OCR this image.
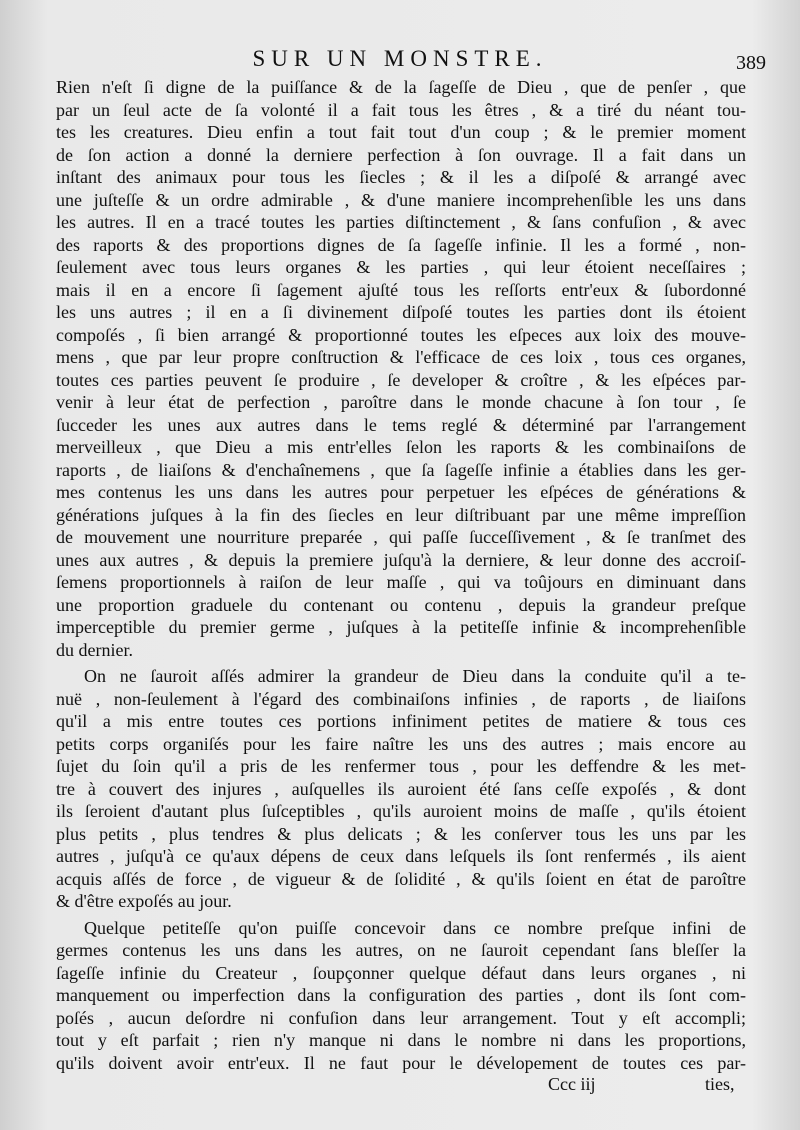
SUR UN MONSTRE.	389
Rien n'eſt ſi digne de la puiſſance & de la ſageſſe de Dieu , que de penſer , que
par un ſeul acte de ſa volonté il a fait tous les êtres , & a tiré du néant tou-
tes les creatures. Dieu enfin a tout fait tout d'un coup ; & le premier moment
de ſon action a donné la derniere perfection à ſon ouvrage. Il a fait dans un
inſtant des animaux pour tous les ſiecles ; & il les a diſpoſé & arrangé avec
une juſteſſe & un ordre admirable , & d'une maniere incomprehenſible les uns dans
les autres. Il en a tracé toutes les parties diſtinctement , & ſans confuſion , & avec
des raports & des proportions dignes de ſa ſageſſe infinie. Il les a formé , non-
ſeulement avec tous leurs organes & les parties , qui leur étoient neceſſaires ;
mais il en a encore ſi ſagement ajuſté tous les reſſorts entr'eux & ſubordonné
les uns autres ; il en a ſi divinement diſpoſé toutes les parties dont ils étoient
compoſés , ſi bien arrangé & proportionné toutes les eſpeces aux loix des mouve-
mens , que par leur propre conſtruction & l'efficace de ces loix , tous ces organes,
toutes ces parties peuvent ſe produire , ſe developer & croître , & les eſpéces par-
venir à leur état de perfection , paroître dans le monde chacune à ſon tour , ſe
ſucceder les unes aux autres dans le tems reglé & déterminé par l'arrangement
merveilleux , que Dieu a mis entr'elles ſelon les raports & les combinaiſons de
raports , de liaiſons & d'enchaînemens , que ſa ſageſſe infinie a établies dans les ger-
mes contenus les uns dans les autres pour perpetuer les eſpéces de générations &
générations juſques à la fin des ſiecles en leur diſtribuant par une même impreſſion
de mouvement une nourriture preparée , qui paſſe ſucceſſivement , & ſe tranſmet des
unes aux autres , & depuis la premiere juſqu'à la derniere, & leur donne des accroiſ-
ſemens proportionnels à raiſon de leur maſſe , qui va toûjours en diminuant dans
une proportion graduele du contenant ou contenu , depuis la grandeur preſque
imperceptible du premier germe , juſques à la petiteſſe infinie & incomprehenſible
du dernier.
On ne ſauroit aſſés admirer la grandeur de Dieu dans la conduite qu'il a te-
nuë , non-ſeulement à l'égard des combinaiſons infinies , de raports , de liaiſons
qu'il a mis entre toutes ces portions infiniment petites de matiere & tous ces
petits corps organiſés pour les faire naître les uns des autres ; mais encore au
ſujet du ſoin qu'il a pris de les renfermer tous , pour les deffendre & les met-
tre à couvert des injures , auſquelles ils auroient été ſans ceſſe expoſés , & dont
ils ſeroient d'autant plus ſuſceptibles , qu'ils auroient moins de maſſe , qu'ils étoient
plus petits , plus tendres & plus delicats ; & les conſerver tous les uns par les
autres , juſqu'à ce qu'aux dépens de ceux dans leſquels ils ſont renfermés , ils aient
acquis aſſés de force , de vigueur & de ſolidité , & qu'ils ſoient en état de paroître
& d'être expoſés au jour.
Quelque petiteſſe qu'on puiſſe concevoir dans ce nombre preſque infini de
germes contenus les uns dans les autres, on ne ſauroit cependant ſans bleſſer la
ſageſſe infinie du Createur , ſoupçonner quelque défaut dans leurs organes , ni
manquement ou imperfection dans la configuration des parties , dont ils ſont com-
poſés , aucun deſordre ni confuſion dans leur arrangement. Tout y eſt accompli;
tout y eſt parfait ; rien n'y manque ni dans le nombre ni dans les proportions,
qu'ils doivent avoir entr'eux. Il ne faut pour le dévelopement de toutes ces par-
Ccc iij	ties,
